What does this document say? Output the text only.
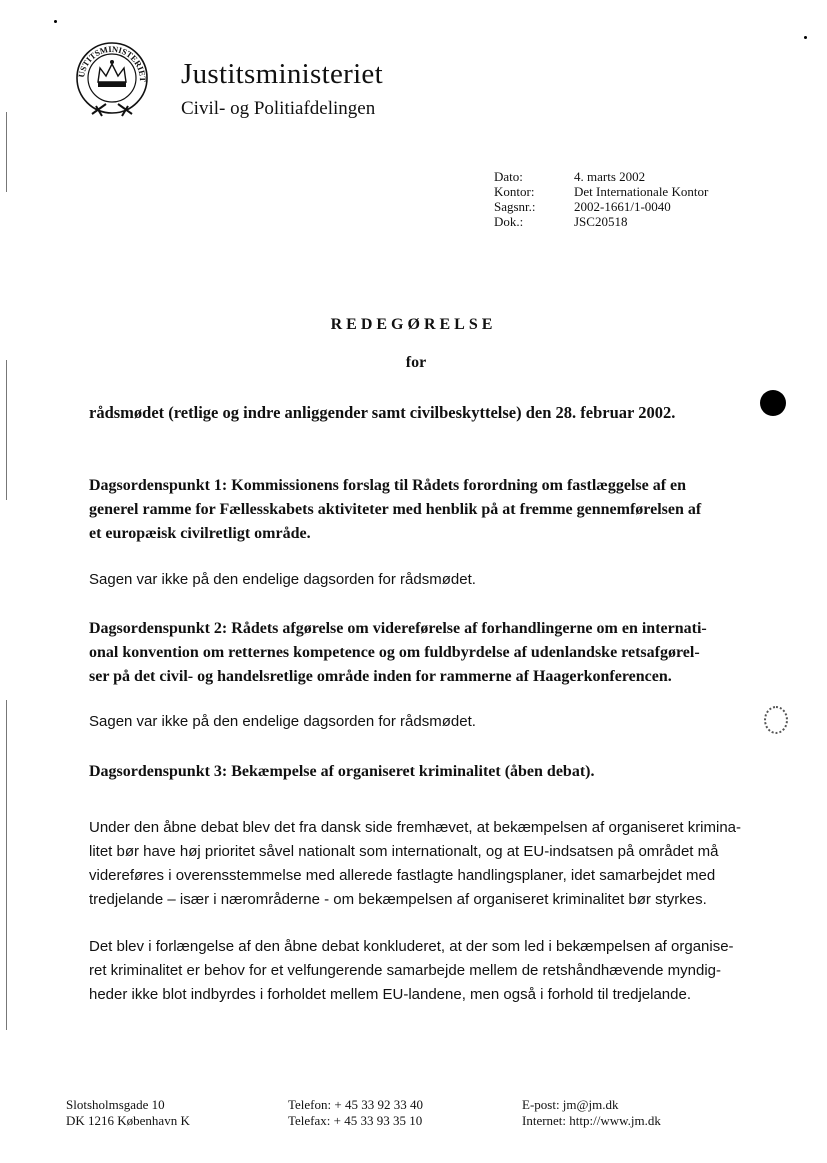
USTITSMINISTERIET Justitsministeriet
Civil- og Politiafdelingen
Dato:	4. marts 2002
Kontor:	Det Internationale Kontor
Sagsnr.:	2002-1661/1-0040
Dok.:	JSC20518
REDEGØRELSE
for
rådsmødet (retlige og indre anliggender samt civilbeskyttelse) den 28. februar 2002.
Dagsordenspunkt 1: Kommissionens forslag til Rådets forordning om fastlæggelse af en
generel ramme for Fællesskabets aktiviteter med henblik på at fremme gennemførelsen af
et europæisk civilretligt område.
Sagen var ikke på den endelige dagsorden for rådsmødet.
Dagsordenspunkt 2: Rådets afgørelse om videreførelse af forhandlingerne om en internati-
onal konvention om retternes kompetence og om fuldbyrdelse af udenlandske retsafgørel-
ser på det civil- og handelsretlige område inden for rammerne af Haagerkonferencen.
Sagen var ikke på den endelige dagsorden for rådsmødet.
Dagsordenspunkt 3: Bekæmpelse af organiseret kriminalitet (åben debat).
Under den åbne debat blev det fra dansk side fremhævet, at bekæmpelsen af organiseret krimina-
litet bør have høj prioritet såvel nationalt som internationalt, og at EU-indsatsen på området må
videreføres i overensstemmelse med allerede fastlagte handlingsplaner, idet samarbejdet med
tredjelande – især i nærområderne - om bekæmpelsen af organiseret kriminalitet bør styrkes.
Det blev i forlængelse af den åbne debat konkluderet, at der som led i bekæmpelsen af organise-
ret kriminalitet er behov for et velfungerende samarbejde mellem de retshåndhævende myndig-
heder ikke blot indbyrdes i forholdet mellem EU-landene, men også i forhold til tredjelande.
Slotsholmsgade 10
DK 1216 København K
Telefon: + 45 33 92 33 40
Telefax: + 45 33 93 35 10
E-post: jm@jm.dk
Internet: http://www.jm.dk
